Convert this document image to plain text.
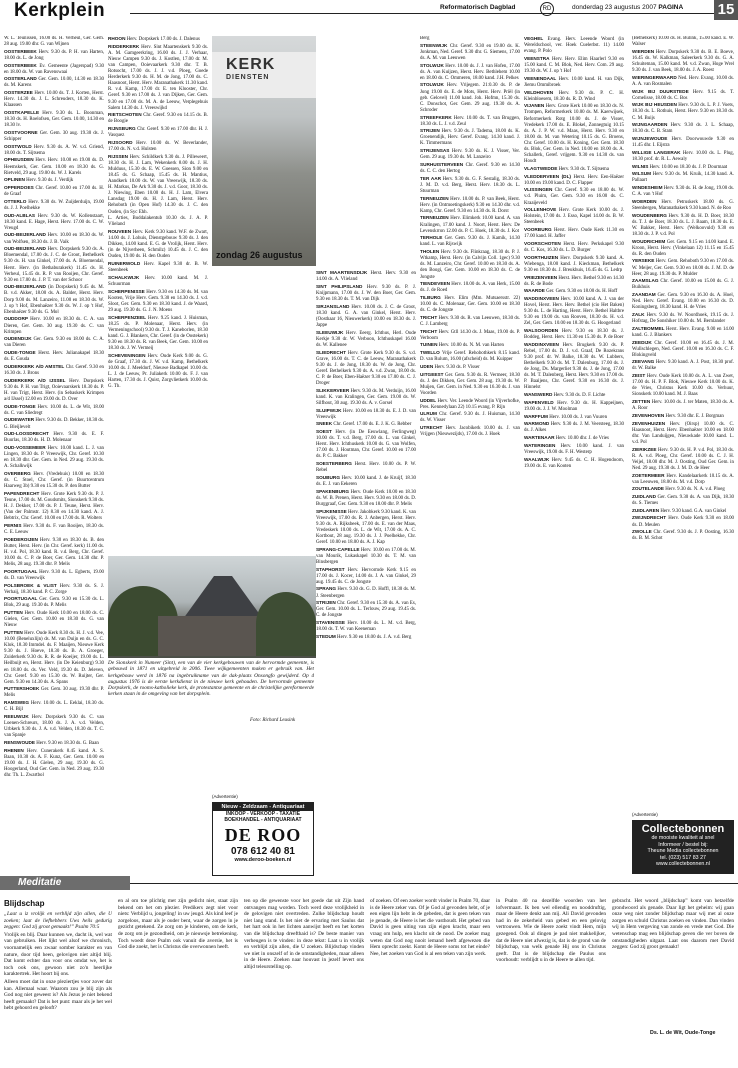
Kerkplein	Reformatorisch Dagblad	RD	donderdag 23 augustus 2007 PAGINA 15

W. L. Teunissen, 16.00 ds. H. Verheul, Ger. Gem. 28 aug. 19.00 dhr. G. van Wijnen

OOSTERBEEK Herv. 9.30 ds. P. H. van Harten, 18.00 ds. L. de Jong

OOSTERBEEK Ev. Gemeente (Jagerspad) 9.30 en 18.00 ds. W. van Ravenswaai

OOSTERLAND Ger. Gem. 10.00, 14.30 en 18.30 ds. M. Karens

OOSTERZEE Herv. 10.00 ds. T. J. Korten, Herst. Herv. 14.30 ds. J. L. Schreuders, 18.30 ds. K. Klaassen

OOSTKAPELLE Herv. 9.30 ds. L. Boonman, 18.30 ds. H. Roelofsen, Ger. Gem. 10.00, 14.30 en 18.30 lv.

OOSTVOORNE Ger. Gem. 30 aug. 19.30 ds. J. Schipper

OOSTWOLD Herv. 9.30 ds. A. W. v.d. Griend, 18.00 ds. T. Sijtsema

OPHEUSDEN Herv. Herv. 10.00 en 19.00 ds. D. Heemskerk, Ger. Gem. 10.00 en 18.30 ds. G. Rietveld, 29 aug. 19.00 ds. W. J. Karels

OPLINEN Herv. 9.30 ds. J. Verdijk

OPPERDOES Chr. Geref. 10.00 en 17.00 ds. H. de Graaf

OTTERLO Herv. 9.30 ds. W. Zuijderduijn, 19.00 ds. J. J. Poelhekke

OUD-ALBLAS Herv. 9.30 ds. W. Kollenstaart, 18.30 kand. E. Hage, Herst. Herv. 17.00 ds. C. W. Vreugd

OUD-BEIJERLAND Herv. 10.00 en 18.30 ds. W. van Wolfsen, 18.30 ds. J. B. Vaik

OUD-BEIJERLAND Herv. Dorpskerk 9.30 ds. A. Bloemendal, 17.00 ds. J. C. de Groot, Bethelkerk 9.30 ds. H. van Ginkel, 17.00 ds. A. Bloemendal, Herst. Herv. (in Bethaburakerk) 11.45 ds. H. Verheul, 15.45 ds. R. P. van Rooijen, Chr. Geref. 9.30 en 17.00 ds. J. P. T. van der Schoor

OUD-BEIJERLAND (in Dorpskerk) 9.45 ds. M. B. v.d. Akker, 18.00 ds. A. Balder, Herst. Herv. Dorp 9.00 ds. M. Lanzeiro, 11.00 en 18.30 ds. W. J. op 't Hof, Ebenhaëzer 9.30 ds. W. J. op 't Hof, Ebenhaëzer 9.30 ds. G. Mol

OUDDORP Herv. 10.00 en 18.30 ds. C. A. van Dieren, Ger. Gem. 30 aug. 19.30 ds. C. van Krimpen

OUDENDIJK Ger. Gem. 9.30 en 18.00 ds. C. A. van Dieren

OUDE-TONGE Herst. Herv. Julianakapel 18.30 ds. E. Gouda

OUDERKERK A/D AMSTEL Chr. Geref. 9.30 en 16.30 ds. J. Brons

OUDERKERK A/D IJSSEL Herv. Dorpskerk 9.30 ds. P. H. van Trigt, Ooievaarskerk 18.30 ds. P. H. van Trigt, Herst. Herv. (in Sebaskerk Krimpen a/d IJssel) 12.00 en 19.00 ds. D. Over

OUDE-TONGE Herv. 10.00 ds. L. de Wit, 18.00 ds. C. van Sliedregt

OUDEWATER Herv. 9.30 ds. D. Bekker, 18.30 ds. G. Bleijlevelt

OUD-LOOSDRECHT Herv. 9.30 ds. E. F. Buurlas, 18.30 ds. H. D. Molenaar

OUD-VOSSEMEER Herv. 10.00 kand. L. J. van Lingen, 18.30 ds. P. Vreeswijk, Chr. Geref. 10.30 en 18.30 dhr. Ger. Gem. in Ned. 29 aug. 19.30 ds. A. Schalkwijk

OVERBERG Herv. (Vredehuis) 10.00 en 18.30 ds. C. Stoel, Chr. Geref. (in Buurtcentrum Haarweg 3b) 9.30 en 15.30 ds. P. den Butter

PAPENDRECHT Herv. Grote Kerk 9.30 ds. P. J. Teune, 17.00 ds. M. Goudsmits, Sionskerk 9.30 ds. H. J. Dekker, 17.00 ds. P. J. Teune, Herst. Herv. (Van der Palmstr. 12) 8.30 en 14.30 kand. A. J. Bebtrix, Chr. Geref. 10.00 en 17.00 ds. R. Wolters

PERNIS Herv. 9.30 ds. F. van Rooijen, 18.30 ds. C. E. Leeuw

POEDEROIJEN Herv. 9.30 en 18.30 ds. B. den Butter, Herst. Herv. (in Chr. Geref. kerk) 11.00 ds. H. v.d. Pol, 18.30 kand. R. v.d. Berg, Chr. Geref. 10.00 ds. C. P. de Boer, Ger. Gem. 14.30 dhr. P. Melis, 28 aug. 19.30 dhr. P. Melis

POORTUGAAL Herv. 9.30 ds. L. Egberts, 19.00 ds. D. van Vreeswijk

POLSBROEK & VLIST Herv. 9.30 ds. S. J. Verhaij, 18.30 kand. P. C. Zorge

POORTUGAAL Ger. Gem. 9.30 en 15.30 ds. L. Blok, 29 aug. 19.30 ds. P. Melis

PUTTEN Herv. Oude Kerk 10.00 en 18.00 ds. C. Gielen, Ger. Gem. 10.00 en 18.30 ds. G. van Nieuw

PUTTEN Herv. Oude Kerk 8.30 ds. H. J. v.d. Vee, 10.00 (Beneluxlijn) ds. M. van Duijn en ds. G. C. Klok, 18.30 Immdel. ds. F. Maaijen, Nieuwe Kerk 9.30 ds. J. Hoeve, 18.30 ds. B. A. Groeger, Zuiderkerk 9.30 ds. R. R. de Koeijer, 19.00 ds. L. Heilbuijt en, Herst. Herv. (in De Keienburg) 9.30 en 18.00 ds. ds. Ver. Veld, 19.30 ds. D. Jeleven, Chr. Geref. 9.30 en 15.30 ds. W. Ruijter, Ger. Gem. 9.30 en 14.30 ds. A. Spans

PUTTERSHOEK Ger. Gem. 30 aug. 19.30 dhr. P. Melis

RAMSWEG Herv. 10.00 ds. L. Eeklai, 18.30 ds. C. H. Bijl

REEUWIJK Herv. Dorpskerk 9.30 ds. C. van Loenen-Schreurs, 18.00 ds. J. A. v.d. Velden, Urbkerk 9.30 ds. J. A. v.d. Velden, 18.30 ds. T. C. van Spanje

RENSWOUDE Herv. 9.30 en 18.30 ds. G. Baan

RHENEN Herv. Cunerakerk 8.45 kand. A. S. Baan, 10.30 ds. A. F. Kunz, Ger. Gem. 10.00 en 19.00 ds. J. H. Gielen, 29 aug. 19.30 ds. G. Hoogerland, Oud Ger. Gem. in Ned. 29 aug. 19.30 dhr. Th. L. Zwartbol

RHOON Herv. Dorpskerk 17.00 ds. J. Dalenus

RIDDERKERK Herv. Sint Maartenskerk 9.30 ds. A. M. Gamgeerkring, 16.00 ds. J. J. Verhaar, Nieuw Campen 9.30 ds. J. Kostlen, 17.00 dr. M. van Campen, Ooievaarkerk 9.30 dhr. T. B. Rotsocht, 17.00 ds. J. J. v.d. Ploeg, Goede Herderkerk 9.30 ds. H. M. de Jong, 17.00 ds. C. Haasnoot, Herst. Herv. Maranathakerk 11.30 kand. R. v.d. Kamp, 17.00 dr. E. ten Klooster, Chr. Geref. 9.30 en 17.00 ds. J. van Dijken, Ger. Gem. 9.30 en 17.00 ds. M. A. de Leeuw, Verplegehuis Salem 14.30 ds. J. Vreeswijkd

RIETSCHOTEN Chr. Geref. 9.30 en 14.15 ds. B. de Boogie

RIJNSBURG Chr. Geref. 9.30 en 17.00 dhr. H. J. Vasquez

RIJSOORD Herv. 10.00 ds. W. Beverlander, 17.00 ds. N. v.d. Hulsten

RIJSSEN Herv. Schildkerk 9.30 ds. J. Pilleweert, 18.30 ds. H. J. Lam, Wekenkerk 8.00 ds. J. H. Mulduus, 15.30 ds. E. W. Goessen, Sion 9.00 en 18.45 ds. G. Schaap, 15.45 ds. H. Mantius, Aandkerk 10.00 ds. W. van Vreeswijk, 18.30 ds. H. Markus, De Ark 9.30 ds. J. v.d. Goor, 18.30 ds. J. Niewing, Eben 10.00 ds. H. J. Lam, Elvera Lansdag 19.00 ds. H. J. Lam, Herst. Herv. Rehoboth (in Open Hof) 14.30 ds. J. C. den Ouden, (in Syc Ehh.

L. Arties, Buddaiakentub 10.30 ds. J. A. P. Vlieland

ROUVEEN Herv. Kerk 9.30 kand. W.F. de Zwart, 14.00 ds. J. Lohuis, Dienstgebouw 9.30 ds. J. den Dikken, 14.00 kand. E. G. de Vrolijk, Herst. Herv. (in de Nijverheen, Schmilz) 10.45 ds. J. C. den Ouden, 19.00 ds. H. den Ouden

RUINERWOLD Herv. Kapel 9.30 dr. B. W. Steenbeek

SCHALKWIJK Herv. 10.00 kand. M. J. Schuurman

SCHERPENISSE Herv. 9.30 en 14.30 ds. M. van Kooten, Vrije Herv. Gem. 9.30 en 14.30 ds. J. v.d. Sloot, Ger. Gem. 9.30 en 18.30 kand. J. de Waard, 29 aug. 19.30 ds. G. J. N. Moens

SCHERPENZEEL Herv. 9.25 kand. J. Huisman, 18.25 ds. P. Molenaar, Herst. Herv. (in Vermeningschool) 9.30 ds. T. J. Kaneborlen, 18.30 kand. G. J. Blankers, Chr. Geref. (in de Oostekerk) 9.30 en 18.30 ds. R. van Beek, Ger. Gem. 10.00 en 18.30 ds. J. W. Vermeij

SCHEVENINGEN Herv. Oude Kerk 9.00 ds. G. de Graaf, 17.30 ds. J. W. v.d. Kamp, Bethelkerk 10.00 ds. J. Meeldorf, Nieuwe Badkapel 10.00 ds. L. J. de Leeuw, Pr. Juliakerk 10.00 ds. F. J. van Harten, 17.30 ds. J. Quist, Zorgvlietkerk 10.00 ds. G. Th.

SINT MAARTENSDIJK Herst. Herv. 9.30 en 14.00 ds. A. Vlieland

SINT PHILIPSLAND Herv. 9.30 ds. P. J. Knijpmann, 17.00 ds. J. W. den Boer, Ger. Gem. 9.30 en 18.30 ds. T. M. van Dijk

SIRJANSLAND Herv. 10.00 ds. J. C. de Groot, 18.30 kand. G. A. van Ginkel, Herst. Herv. (Oosthaar 16, Nieuwerkerk) 10.00 en 18.30 ds. J. Jappe

SLEEUWIJK Herv. Eeerg. Ichthus, Herl. Oude Kerkje 9.30 dr. W. Verboon, Ichthuskapel 16.00 ds. W. Kallenee

SLIEDRECHT Herv. Grote Kerk 9.30 ds. S. v.d. Grave, 16.00 ds. T. C. de Leeuw, Maranathakerk 9.30 ds. J. de Jong, 18.30 ds. W. de Jong, Chr. Geref. Bethelkerk 9.30 ds. A. v.d. Zwan, 18.00 ds. C. P. de Boer, Eben-Haëzer 9.30 en 17.00 ds. C. J. Droger

SLIKKERVEER Herv. 9.30 ds. M. Verduijn, 16.00 kand. K. van Kralingen, Ger. Gem. 19.00 ds. W. Silfhout, 30 aug. 19.30 ds. A. v. Gorsel

SLUIPWIJK Herv. 10.00 en 18.30 ds. E. J. D. van Vreeswijk

SNEEK Chr. Geref. 17.00 ds. E. J. K. G. Rebber

SOEST Herv. (in De Eeuwlang, Ferlingweg) 10.00 ds. T. v.d. Berg, 17.00 ds. L. van Ginkel, Herst. Herv. Ichthuskerk 10.00 ds. G. van Wolfen, 17.00 ds. J. Houtman, Chr. Geref. 10.00 en 17.00 ds. P. C. Bakker

SOESTERBERG Herst. Herv. 10.00 ds. P. W. Rebel

SOUBURG Herv. 10.00 kand. J. de Kruijf, 18.30 ds. E. J. van Eekeren

SPAKENBURG Herv. Oude Kerk 10.00 en 18.30 ds. W. B. Prenen, Herst. Herv. 9.30 en 18.00 ds. D. Burggraaf, Ger. Gem. 9.30 en 18.00 dhr. P. Melis

SPIJKENISSE Herv. Jakobkerk 9.30 kand. K. van Vreeswijk, 17.00 ds. R. J. Anbergen, Herst. Herv. 9.30 ds. A. Rijksbeek, 17.00 ds. E. van der Maas, Vredeskerk 10.00 ds. L. de Wit, 17.00 ds. A. C. Kortbout, 28 aug. 19.30 ds. J. J. Poelhekke, Chr. Geref. 10.00 en 18.00 ds. A. J. Kap

SPRANG-CAPELLE Herv. 10.00 en 17.00 ds. M. van Mourik, Lukaskapel 10.30 ds. T. M. van Binsbergen

STAPHORST Herv. Hervormde Kerk 9.15 en 17.00 ds. J. Kocer, 14.00 ds. J. A. van Ginkel, 29 aug. 19.45 ds. C. de Jongste

SPRANG Herv. 9.30 ds. G. D. Hoffl, 18.30 ds. M. J. Steenbergen

STRIJEN Chr. Geref. 9.30 en 15.30 ds. A. van Es, Ger. Gem. 10.00 ds. L. Terlouw, 29 aug. 19.45 ds. C. de Jongste

STAVENISSE Herv. 10.00 ds. L. M. v.d. Berg, 18.00 ds. T. W. van Keeneman

STEDUM Herv. 9.30 en 18.00 ds. J. A. v.d. Berg

Berg

STEENWIJK Chr. Geref. 9.30 en 19.00 ds. K. Jonkman, Ned. Geref. 9.30 dhr. G. Siemens, 17.00 ds. A. M. van Leeuwen

STOLWIJK Herv. 10.00 ds. J. J. van Hofen, 17.00 ds. A. van Kuijzen, Herst. Herv. Bethlehem 10.00 en 18.00 ds. C. Ommeren, 18.00 kand. J.H. Pelkes

STOLWIJK Herv. Vrijegem. 21:0.30 ds. P. de Jong 19.00 ds. E. de Mots, Herst. Herv. Priël (in geb. Gelovel) 11.00 kand. Joh. Hofmn, 15.30 ds. C. Donschot, Ger. Gem. 29 aug. 19.30 ds. A. Schroder

STREEFKERK Herv. 10.00 ds. T. van Bruggen, 18.30 ds. L. J. v.d. Zeul

STRIJEN Herv. 9.30 ds. J. Tadema, 18.00 ds. K. Groenendijk, Herv. Geref. Evang. 14.30 kand. J. K. Timmermans

STRIJENSAS Herv. 9.30 ds. K. J. Visser, Ver. Gem. 29 aug. 19.30 ds. M. Lanzeiro

SURHUISTERVEEN Chr. Geref. 9.30 en 14.30 ds. C. C. den Hertog

TER AAR Herv. 9.30 ds. G. F. Sestalig, 18.30 ds. J. M. D. v.d. Berg, Herst. Herv. 18.30 ds. L. Stuurman

TERNEUZEN Herv. 10.00 ds. P. van Beek, Herst. Herv. (in Ontmoetingskerk) 9.30 en 14.30 dhr. v.d. Kamp, Chr. Geref. 9.30 en 14.30 ds. R. Dorst

TERNEUZEN Herv. Elimkerk 10.00 kand. A. van Kralingen, 17.00 kand. J. Noort, Herst. Herv. De Levenskrron 12.00 ds. P. C. Hoek, 18.30 ds. J. Kot

TERHOLE Ger. Gem. 9.30 ds. J. Kamik, 14.30 kand. L. van Rijswijk

THOLEN Herv. 9.30 ds. Flinkraag, 18.30 ds. P. J. Wtkamp, Herst. Herv. (in Calvijn Coll. 1gec) 9.30 ds. M. Lanzeiro, Chr. Geref. 10.00 en 18.30 ds. A. den Boogi, Ger. Gem. 10.00 en 18.30 ds. C. de Jongste

TIENDEVEEN Herv. 10.00 ds. A. van Herk, 15.00 ds. J. de Roed

TILBURG Herv. Elim (Mm. Mutsaersstr. 22) 10.00 ds. C. Molenaar, Ger. Gem. 10.00 en 18.30 ds. C. de Jongste

TRICHT Herv. 9.30 ds. R. van Leeuwen, 18.30 ds. C. J. Lamberg

TRICHT Herv. Gtll 14.30 ds. J. Maas, 19.00 ds. P. Verboom

TUINEN Herv. 10.00 ds. N. M. van Harten

TWELLO Vrije Geref. Rehobothkerk 8.15 kand. D. van Rulum, 16.00 (afscheid) ds. M. Kuipper

UDEN Herv. 9.30 ds. P. Visser

UITGEEST Ger. Gem. 9.30 ds. R. Vermeer, 18.30 ds. J. des Dikken, Ger. Gem. 28 aug. 19.30 ds. W. Muijen, Ger. Gem. in Ned. 9.30 en 16.30 ds. J. van Voorden

UDDEL Herv. Ver. Leende Woord (in Vijverhofke, Pres. Kennedylaan 22) 10.15 evang. P. Rijn

ULRUM Chr. Geref. 9.30 ds. J. Huisman, 14.30 ds. W. Visser

UTRECHT Herv. Jacobikerk 10.00 ds. J. van Vrijgen (Nieuwezijds), 17.00 ds. J. Hoek

VEGHEL Evang. Herv. Leeende Woord (in Wereldschool, ver. Hoek Cuelerbst. 11) 14.00 evang. P. Polo

VEENSTRA Herv. Herv. Elim Haarlerl 9.30 en 15.00 kand. C. M. Blok, Ned. Herv. Com. 29 aug. 19.30 ds. W. J. op 't Hof

VEENENDAAL Herv. 10.00 kand. H. van Dijk, Jiemu Ommibroek

VELDHOVEN Herv. 9.30 ds. P. C. H. Kleinbloesem, 18.30 ds. R. D. Wind

VIJANEN Herv. Grote Kerk 10.00 en 18.30 ds. N. Trompen, Reformerkerk 10.00 ds. M. Kaerwijsek, Reformerkerk Rotg 10.00 ds. J. de Visser, Vredekerk 17.00 ds. E. Blokel, Zonnegtuig 10.15 ds. A. J. P. W. v.d. Maas, Herst. Herv. 9.30 en 18.00 ds. M. van Wetering 10.15 ds. G. Broens, Chr. Geref. 10.00 ds. H. Koning, Ger. Gem. 18.30 ds. Blok, Ger. Gem. in Ned. 10.00 en 18.00 ds. A. Schallerk, Geref. vrijgem. 9.30 en 14.30 ds. van Houdt

VLAGTWEDDE Herv. 9.30 ds. T. Sijtsema

VLEDDERVEEN (DL) Herst. Herv. Een-Haëzer 10.00 en 19.00 kand. D. C. Flapper

VLISSINGEN Chr. Geref. 9.30 en 18.00 ds. W. v.d. Pluim, Ger. Gem. 9.30 en 16.00 ds. C. Kraaijeveld

VOLLENHOVE Herv. Grote Kerk 10.00 ds. J. Holstein, 17.00 ds. J. Esso, Kapel 14.00 ds. B. W. Steenbeek

VOORBURG Herst. Herv. Oude Kerk 11.30 en 17.00 kand. H. Jaffer

VOORSCHOTEN Herst. Herv. Perkskapel 9.30 ds. C. Kos, 16.30 ds. L. D. Burger

VOORTHUIZEN Herv. Dorpskerk 9.30 kand. A. Wiebenga, 18.00 kand. J. Kieckman, Bethelkerk 9.30 en 18.30 ds. J. Breukhuis, 16.45 ds. G. Ledrp

VRIEZENVEEN Herst. Herv. Bethel 9.30 en 14.30 ds. R. de Bode

WAARDE Ger. Gem. 9.30 en 18.00 ds. H. Hoff

WADDINXVEEN Herv. 10.00 kand. A. J. van der Hovel, Herst. Herv. Herv. Bethel (cio Het Baken) 9.30 ds. L. de Harting, Herst. Herv. Bethel Haltbre 9.30 en 19.00 ds. van Rooven, 18.30 ds. H. v.d. Zel, Ger. Gem. 10.00 en 18.30 ds. G. Hoogerland

WALSOORDEN Herv. 9.30 en 18.30 ds. J. Boddeg, Herst. Herv. 11.30 en 15.30 ds. P. de Boer

WADDINXVEEN Herv. Brugkerk 9.30 ds. P. Rebel, 17.00 ds. D. J. v.d. Graaf, De Rozekrans 9.30 prof. dr. W. Balke, 18.30 ds. W. Lubbers, Bethelkerk 9.30 ds. M. T. Dalenburg, 17.00 ds. J. de Jong, Ds. Margerliet 9.30 ds. J. de Jong, 17.00 ds. M. T. Dalenberg, Herst. Herv. 9.30 en 17.00 ds. P. Baaijens, Chr. Geref. 9.30 en 16.30 ds. J. Hinnelst

WANSWERD Herv. 9.30 ds. D. F. Lichte

WAPENVELD Herv. 9.30 ds. H. Kappeijnen, 19.00 ds. J. J. W. Moolman

WARFFUM Herv. 10.00 ds. J. van Vuuren

WARMOND Herv. 9.30 ds. J. M. Veersteeg, 18.30 ds. J. Alkes

WARTENAAR Herv. 10.00 dhr. J. de Vries

WATERINGEN Herv. 10.00 kand. J. van Vreeswijk, 19.00 ds. F. H. Westerp

WAALWIJK Herv. 9.45 ds. C. H. Hogendoorn, 19.00 ds. E. van Kooten

(Bethelkerk) 10.00 ds. H. Bulink, 15.00 kand. E. W. Walser

WIERDEN Herv. Dorpskerk 9.30 ds. B. E. Boeve, 16.45 ds. W. Kalkman, Saleerkerk 9.30 ds. G. A. Schuiteman, 15.00 kand. M. v.d. Zwan, Hoge Wrel 9.30 ds. J. van Beek, 18.00 ds. J. A. Roest

WIERINGERWAARD Ned. Herv. Evang. 10.00 ds. A. A. van Rosmalen

WIJK BIJ DUURSTEDE Herv. 9.15 ds. T. Cornelisse, 18.00 ds. C. Bos

WIJK BIJ HEUSDEN Herv. 9.30 ds. L. P. J. Voets, 18.30 ds. L. Rothuis, Herst. Herv. 9.30 en 18.30 ds. C. M. Buijs

WIJNGAARDEN Herv. 9.30 ds. J. L. Schaap, 18.30 ds. C. B. Stam

WIJNJEWOUDE Herv. Doorwouwde 9.30 en 11.45 dhr. I. Eijstra

WILLIGE LANGERAK Herv. 10.00 ds. L. Plug, 18.30 prof. dr. R. L. Aewaly

WILNIS Herv. 10.00 en 18.30 ds. J. P. Dourmaat

WILSUM Herv. 9.30 ds. M. Kruik, 14.30 kand. A. Pallaart

WINDESHEIM Herv. 9.30 ds. H. de Jong, 19.00 ds. C. A. van 't Hof

WOERDEN Herv. Petruskerk 18.00 ds. G. Steenbergen, Maranathakerk 9.30 kand. N. de Roo

WOUDENBERG Herv. 9.30 ds. H. D. Boer, 18.30 ds. T. J. de Boer, 18.30 ds. L. J. Baam, 18.30 ds. E. W. Bakker, Herst. Herv. (Welkoovuld) 9.30 en 18.30 ds. J. P. v.d. Pol

WOUDRICHEM Ger. Gem. 9.15 en 14.00 kand. E. Kroon, Herst. Herv. (Vinkelaan 12) 11.15 en 15.45 ds. R. den Ouden

YERSEKE Herv. Gem. Rehoboth 9.30 en 17.00 ds. W. Meijer, Ger. Gem. 9.30 en 18.00 ds. J. M. D. de Heer, 28 aug. 19.30 ds. P. Mulder

ZAAMSLAG Chr. Geref. 10.00 en 15.00 ds. G. J. Buikhuis

ZAANDAM Ger. Gem. 9.30 en 16.30 ds. A. Hoel, Ned. Herv. Geref. Evang. 10.00 en 16.30 ds. D. Koningsberg, 18.30 kand. H. de Vries

ZALK Herv. 9.30 ds. W. Noordhoek, 19.15 ds. J. Hofstag, De Sonshiker 10.00 ds. M. Bernlander

ZALTBOMMEL Herst. Herv. Evang. 9.00 en 14.00 kand. G. J. Blankers

ZEEDIJK Chr. Geref. 10.00 en 16.45 ds. J. M. Wullschlegen, Ned. Geref. 10.00 en 16.30 ds. C. F. Blokingveld

ZEEVANG Herv. 9.30 kand. A. J. Post, 18.30 prof. dr. W. Balke

ZEIST Herv. Oude Kerk 10.00 ds. A. L. van Zwet, 17.00 ds. H. P. F. Blok, Nieuwe Kerk 10.00 ds. K. de Vries, Christus Kerk 10.00 ds. Verhuur, Sionskerk 10.00 kand. M. J. Baas

ZETTEN Herv. 10.00 ds. J. ter Maten, 18.30 ds. A. A. Roor

ZEVENHOVEN Herv. 9.30 dhr. E. J. Borgman

ZEVENHUIZEN Herv. (Oirsp) 10.00 ds. C. Haasnoot, Herst. Herv. Ebenhaëzer 10.00 en 18.00 dhr. Van Landuijgen, Nieuwkade 10.00 kand. L. v.d. Pol

ZIERIKZEE Herv. 9.30 ds. H. P. v.d. Pol, 18.30 ds. R. A. v.d. Ploeg, Chr. Geref. 10.00 ds. C. J. H. Veijel, 18.00 dhr. M. J. Oosting, Oud Ger. Gem. in Ned. 29 aug. 19.30 ds. J. M. D. de Heer

ZOETERMEER Herv. Kandelaarkerk 10.15 ds. A. van Leeuwen, 18.00 ds. M. v.d. Dorp

ZOUTELANDE Herv. 9.30 ds. N. A. v.d. Ploeg

ZUIDLAND Ger. Gem. 9.30 ds. A. van Dijk, 18.30 ds. S. Tiemes

ZUIDLAREN Herv. 9.30 kand. G.A. van Ginkel

ZWIJNDRECHT Herv. Oude Kerk 9.30 en 18.00 ds. D. Meulen

ZWOLLE Chr. Geref. 9.30 ds. J. P. Oosting, 16.30 ds. B. M. Schot

KERK
DIENSTEN
zondag 26 augustus
De Sionskerk in Numeer (Sint), een van de vier kerkgebouwen van de hervormde gemeente, is gebouwd in 1871 en uitgebreid in 2006. Twee wijkgemeenten maken er gebruik van. Het kerkgebouw werd in 1876 na ingebruikname van de dak-plaats Onsongfo gewijderd. Op 4 augustus 1976 is de eerste kerkdienst in de nieuwe kerk gehouden. De hervormde gemeente Dorpskerk, de rooms-katholieke kerk, de protestantse gemeente en de christelijke gereformeerde kerken staan in de omgeving van het dorpsplein.
Foto: Richard Leusink
(Advertentie)
Nieuw - Zeldzaam - Antiquariaat
INKOOP - VERKOOP - TAXATIE
BOEKHANDEL - ANTIQUARIAAT
DE ROO
078 612 40 81
www.deroo-boeken.nl
(Advertentie)
Collectebonnen
de mooiste kwaliteit al snel
Informeer / bestel bij:
Theune Media collectebonnen
tel. (023) 517 83 27
www.collectebonnen.nl
Meditatie
Blijdschap

„Laat u iz vrolijk en verblijd zijn allen, die U zoeken; laat de liefhebbers Uws heils gedurig zeggen: God zij groot gemaakt!” Psalm 70:5

Vrolijk en blij. Daar kunnen we, dacht ik, wel wat van gebruiken. Het lijkt wel alsof we chronisch, voornamelijk een zwaar somber karakter en van nature, door tijd heen, gelovigen niet altijd blij. Dat komt echter dan voor ons omdat we, het is toch ook ons, gewoon niet zo'n heerlijke karaktertrek. Het hoort bij ons.

Alleen moet dat in onze pleziertjes voor zover dat kan. Allemaal waar. Waarom zou je blij zijn als God nog niet geweest is? Als Jezus je niet bekend heeft gemaakt? Dat is het punt: maar als je het wel hebt gehoord en gelooft?

en al om toe plichtig met zijn gedicht niet, staat zijn bekend om het om plezier. Predikers zegt niet voor niets: Verblijd u, jongeling! in uw jeugd. Als kind leef je zorgeloos, maar als je ouder bent, waar de zorgen in je gezicht getekend. Ze zorg om je kinderen, om de kerk, de zorg om je gezondheid, om je nieuwsje betrekening. Toch woedt deze Psalm ook vanuit die aversie, het is God die zoekt, het is Christus die overwonnen heeft.

ten op die gewenste voor het goede dat uit Zijn hand ontvangen mag worden. Toch werd deze vrolijkheid in de gelovigen niet overtreden. Zulke blijdschap houdt niet lang stand. Is het niet de ervaring met Saulus dat het hart ook in het lichten aanwijst heeft en het korten van die blijdschap dreefthaid is? De beste manier van verheugen is te vinden: in deze tekst: Laat u in vrolijk en verblijd zijn allen, die U zoeken. Blijdschap vinden we niet in onszelf of in de omstandigheden, maar alleen in de Heere. Zoeken naar houvast in jezelf levert ons altijd teleurstelling op.

of zoeken. Of een zoeker wordt vinder in Psalm 70, daar is de Heere zeker van. Of je God al gevonden hebt, of je een eigen lijn hebt in de gebeden, dat is geen teken van je genade, de Heere is het die vasthoudt. Het gebed van David is geen uiting van zijn eigen kracht, maar een vraag om hulp, een klacht uit de nood. De zoeker mag weten dat God nog nooit iemand heeft afgewezen die Hem oprecht zoekt. Komt de Heere soms tot het einde? Nee, het zoeken van God is al een teken van zijn werk.

in Psalm 40 na dezelfde woorden van het lofvermaart. Ik ben wel ellendig en nooddruftig, maar de Heere denkt aan mij. Ali David gevonden had in de zekerheid van gebed en een gelovig vertrouwen. Wie de Heere zoekt vindt Hem, mijn gezegend. Ook al dingen je pad niet makkelijker, dat de Heere niet afwezig is, dat is de grond van de blijdschap, van welk genade Hij ons in Christus geeft. Dat is de blijdschap die Paulus ons voorhoudt: verblijdt u in de Heere te allen tijd.

gebracht. Het woord „blijdschap” komt van hetzelfde grondwoord als genade. Daar ligt het geheim: wij gaan onze weg niet zonder blijdschap maar wij met al onze zorgen en schuld Christus zoeken en vinden. Dan vinden wij in Hem vergeving van zonde en vrede met God. Die wetenschap mag een blijdschap geven die ver boven de omstandigheden uitgaat. Laat ons daarom met David zeggen: God zij groot gemaakt!

Ds. L. de Wit, Oude-Tonge
